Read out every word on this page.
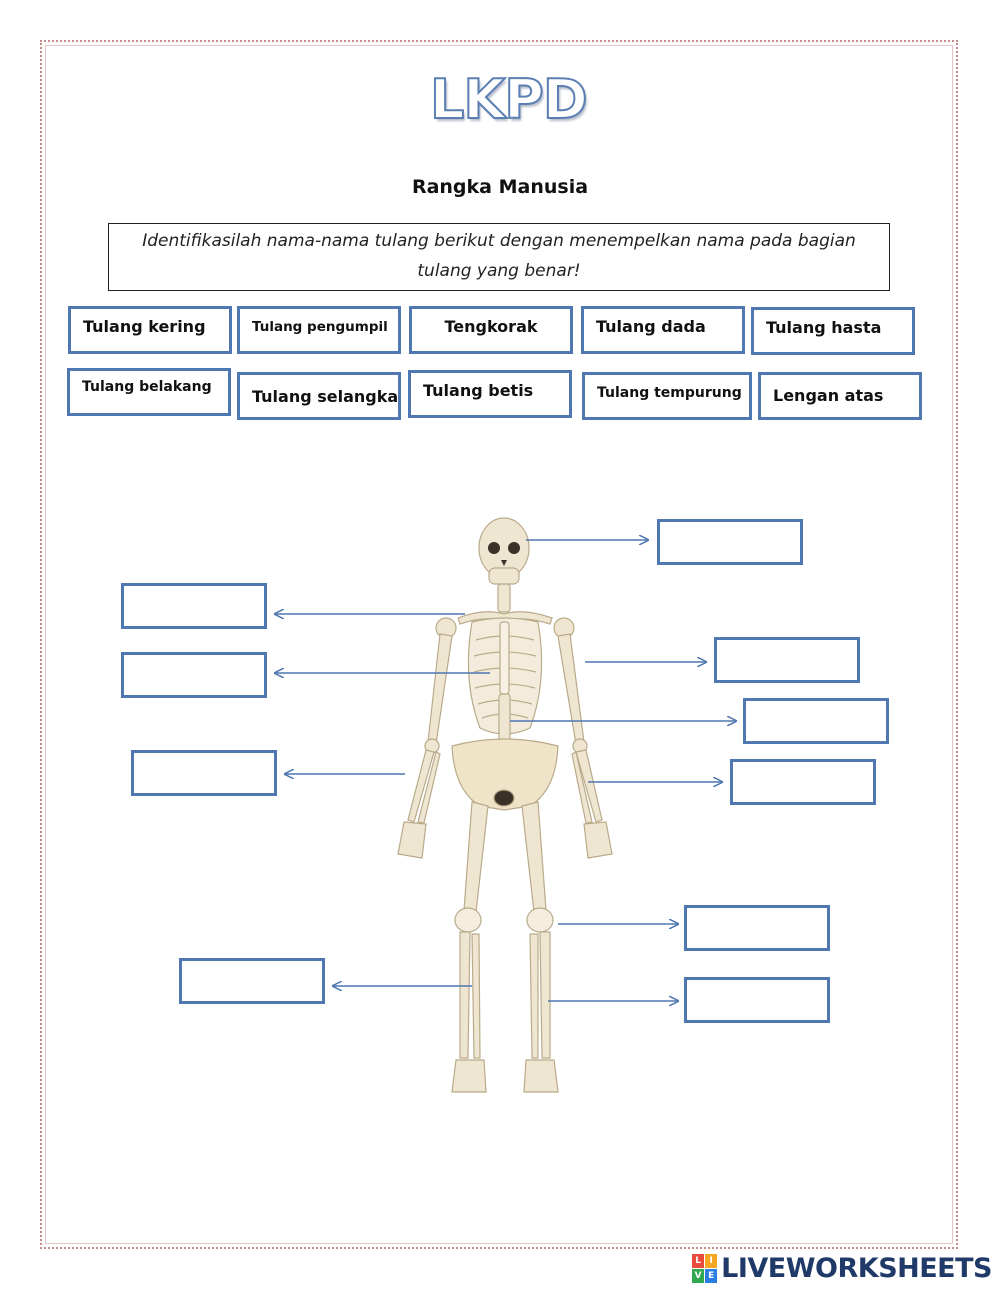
LKPD
Rangka Manusia
Identifikasilah nama-nama tulang berikut dengan menempelkan nama pada bagian tulang yang benar!
Tulang kering	Tulang pengumpil	Tengkorak	Tulang dada	Tulang hasta
Tulang belakang	Tulang selangka	Tulang betis	Tulang tempurung	Lengan atas
L I
V E LIVEWORKSHEETS
